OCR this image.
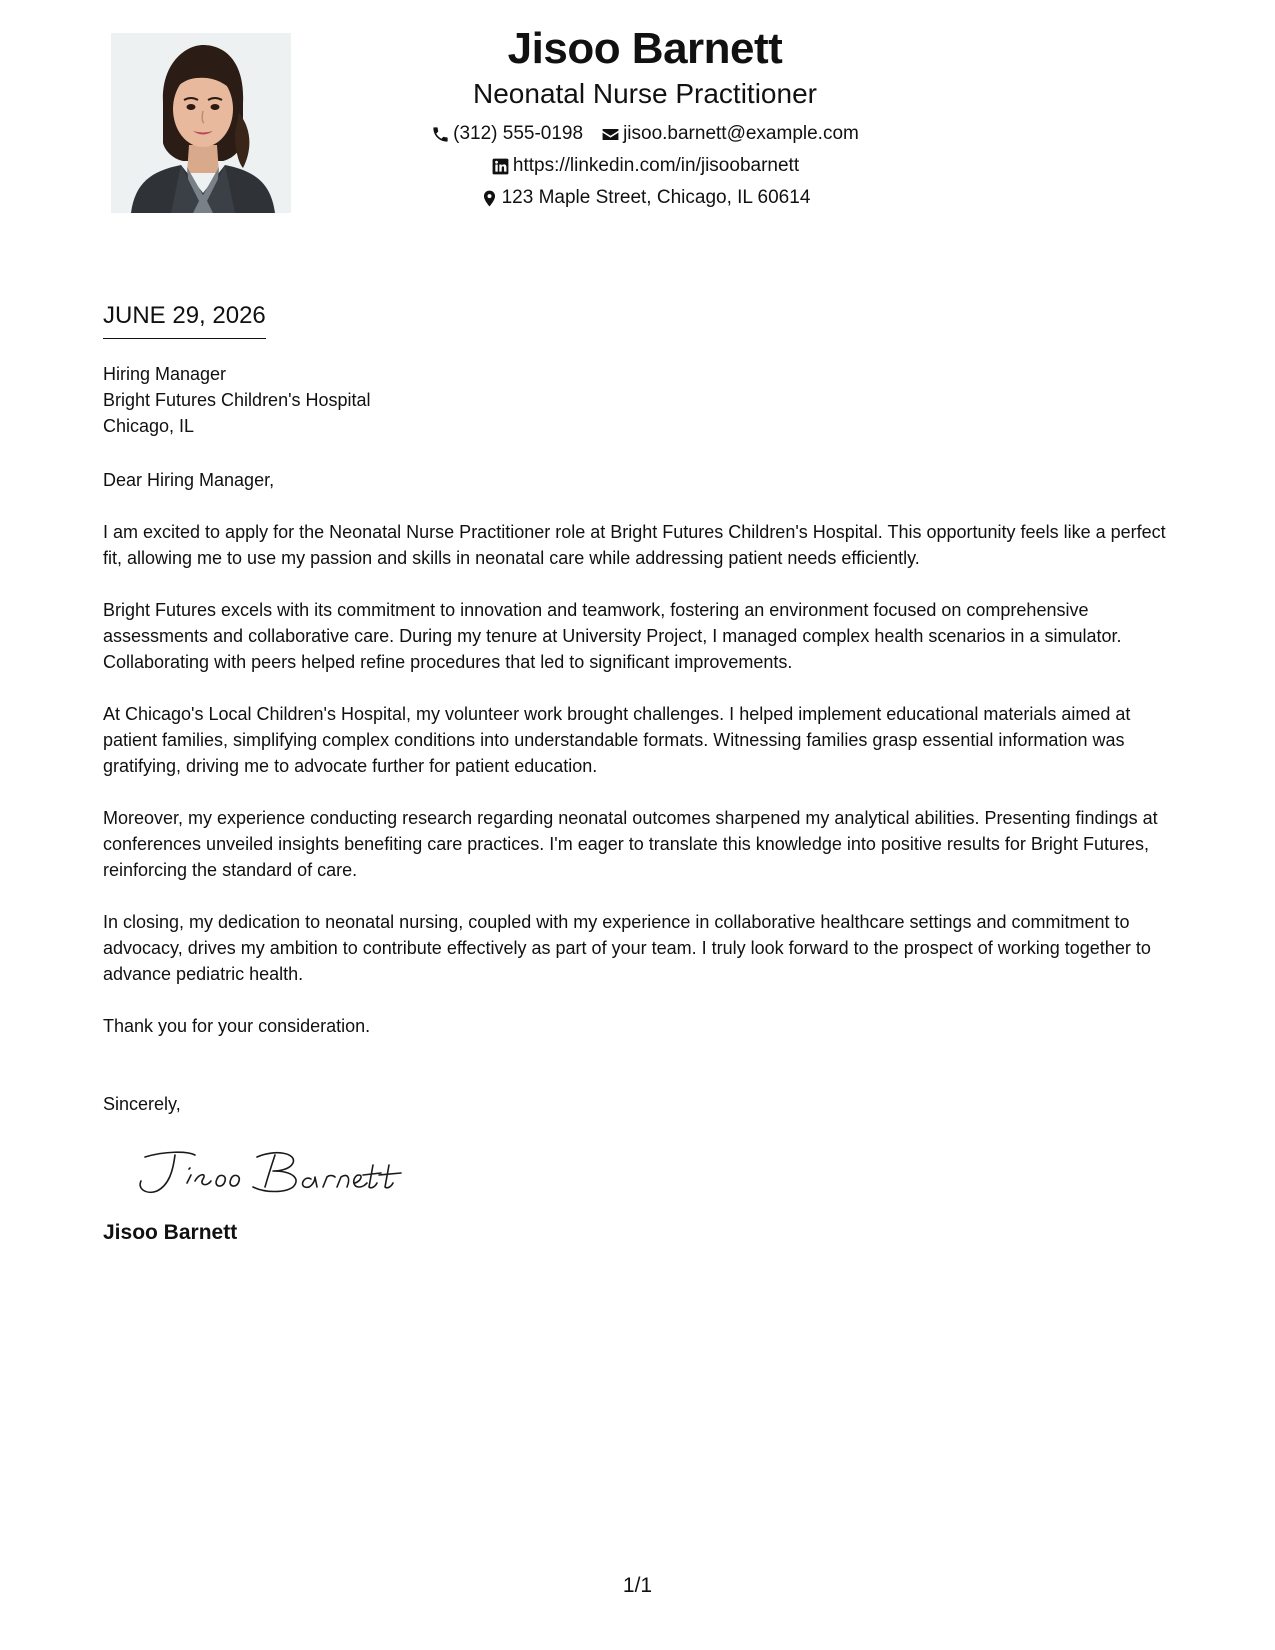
Jisoo Barnett
Neonatal Nurse Practitioner
(312) 555-0198 jisoo.barnett@example.com
https://linkedin.com/in/jisoobarnett
123 Maple Street, Chicago, IL 60614
JUNE 29, 2026
Hiring Manager
Bright Futures Children's Hospital
Chicago, IL
Dear Hiring Manager,
I am excited to apply for the Neonatal Nurse Practitioner role at Bright Futures Children's Hospital. This opportunity feels like a perfect fit, allowing me to use my passion and skills in neonatal care while addressing patient needs efficiently.
Bright Futures excels with its commitment to innovation and teamwork, fostering an environment focused on comprehensive assessments and collaborative care. During my tenure at University Project, I managed complex health scenarios in a simulator. Collaborating with peers helped refine procedures that led to significant improvements.
At Chicago's Local Children's Hospital, my volunteer work brought challenges. I helped implement educational materials aimed at patient families, simplifying complex conditions into understandable formats. Witnessing families grasp essential information was gratifying, driving me to advocate further for patient education.
Moreover, my experience conducting research regarding neonatal outcomes sharpened my analytical abilities. Presenting findings at conferences unveiled insights benefiting care practices. I'm eager to translate this knowledge into positive results for Bright Futures, reinforcing the standard of care.
In closing, my dedication to neonatal nursing, coupled with my experience in collaborative healthcare settings and commitment to advocacy, drives my ambition to contribute effectively as part of your team. I truly look forward to the prospect of working together to advance pediatric health.
Thank you for your consideration.
Sincerely,
Jisoo Barnett
1/1
